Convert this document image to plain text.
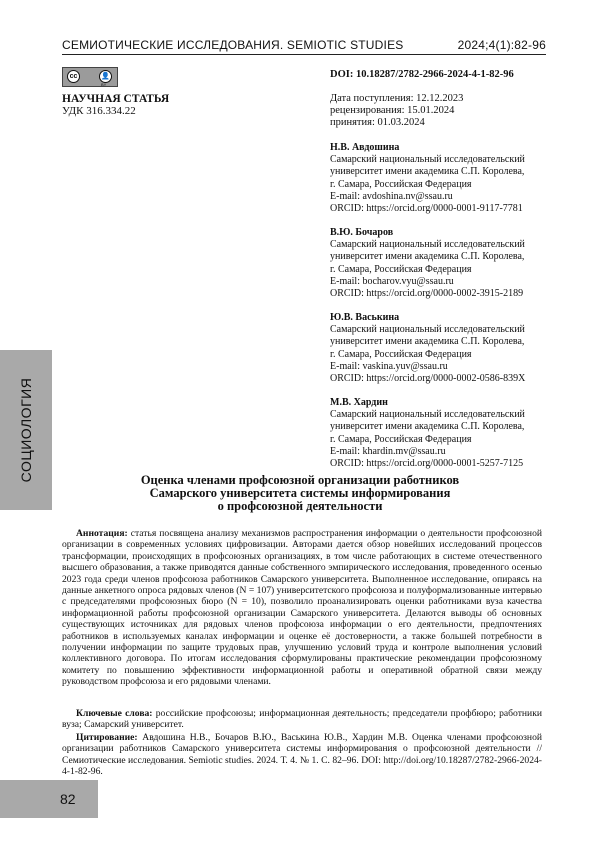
СЕМИОТИЧЕСКИЕ ИССЛЕДОВАНИЯ. SEMIOTIC STUDIES	2024;4(1):82-96
cc	👤
BY
DOI: 10.18287/2782-2966-2024-4-1-82-96
НАУЧНАЯ СТАТЬЯ
УДК 316.334.22
Дата поступления: 12.12.2023
рецензирования: 15.01.2024
принятия: 01.03.2024
Н.В. Авдошина
Самарский национальный исследовательский
университет имени академика С.П. Королева,
г. Самара, Российская Федерация
E-mail: avdoshina.nv@ssau.ru
ORCID: https://orcid.org/0000-0001-9117-7781
В.Ю. Бочаров
Самарский национальный исследовательский
университет имени академика С.П. Королева,
г. Самара, Российская Федерация
E-mail: bocharov.vyu@ssau.ru
ORCID: https://orcid.org/0000-0002-3915-2189
Ю.В. Васькина
Самарский национальный исследовательский
университет имени академика С.П. Королева,
г. Самара, Российская Федерация
E-mail: vaskina.yuv@ssau.ru
ORCID: https://orcid.org/0000-0002-0586-839X
М.В. Хардин
Самарский национальный исследовательский
университет имени академика С.П. Королева,
г. Самара, Российская Федерация
E-mail: khardin.mv@ssau.ru
ORCID: https://orcid.org/0000-0001-5257-7125
СОЦИОЛОГИЯ	Оценка членами профсоюзной организации работников
Самарского университета системы информирования
о профсоюзной деятельности

Аннотация: статья посвящена анализу механизмов распространения информации о деятельности профсоюзной организации в современных условиях цифровизации. Авторами дается обзор новейших исследований процессов трансформации, происходящих в профсоюзных организациях, в том числе работающих в системе отечественного высшего образования, а также приводятся данные собственного эмпирического исследования, проведенного осенью 2023 года среди членов профсоюза работников Самарского университета. Выполненное исследование, опираясь на данные анкетного опроса рядовых членов (N = 107) университетского профсоюза и полуформализованные интервью с председателями профсоюзных бюро (N = 10), позволило проанализировать оценки работниками вуза качества информационной работы профсоюзной организации Самарского университета. Делаются выводы об основных существующих источниках для рядовых членов профсоюза информации о его деятельности, предпочтениях работников в используемых каналах информации и оценке её достоверности, а также большей потребности в получении информации по защите трудовых прав, улучшению условий труда и контроле выполнения условий коллективного договора. По итогам исследования сформулированы практические рекомендации профсоюзному комитету по повышению эффективности информационной работы и оперативной обратной связи между руководством профсоюза и его рядовыми членами.

Ключевые слова: российские профсоюзы; информационная деятельность; председатели профбюро; работники вуза; Самарский университет.

Цитирование: Авдошина Н.В., Бочаров В.Ю., Васькина Ю.В., Хардин М.В. Оценка членами профсоюзной организации работников Самарского университета системы информирования о профсоюзной деятельности // Семиотические исследования. Semiotic studies. 2024. Т. 4. № 1. С. 82–96. DOI: http://doi.org/10.18287/2782-2966-2024-4-1-82-96.

82
